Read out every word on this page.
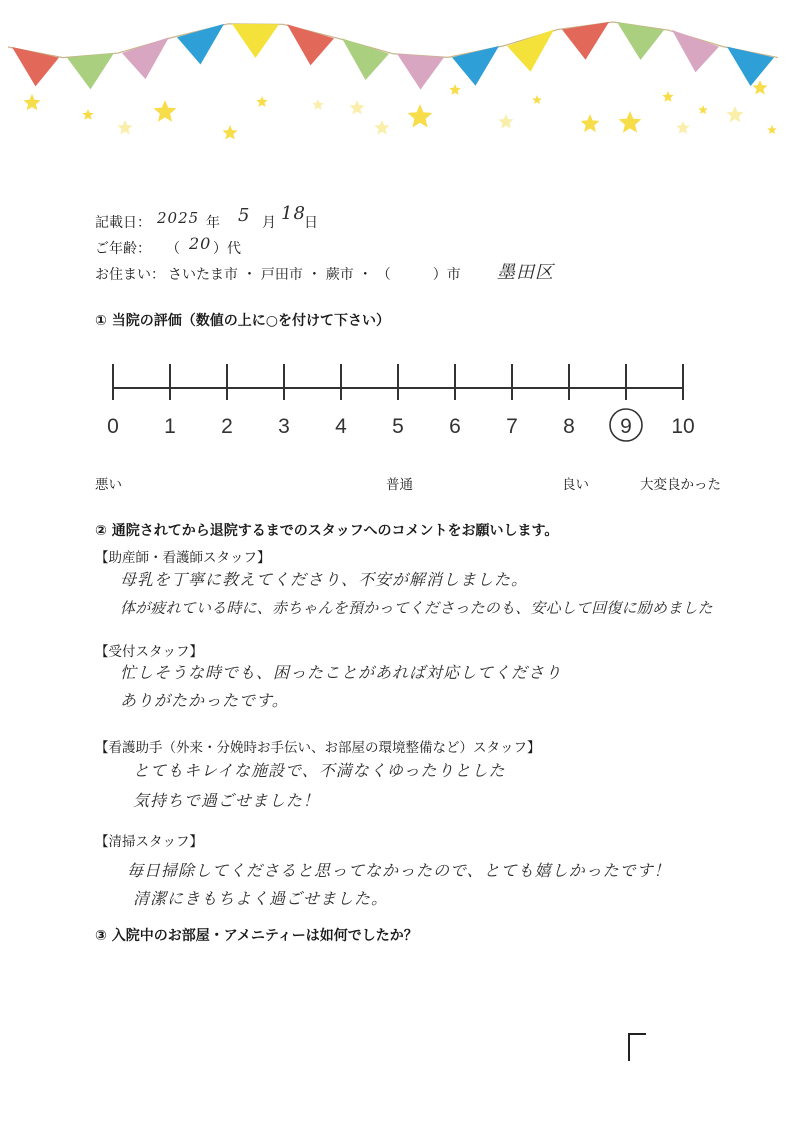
記載日： 2025 年 5 月 18
日
ご年齢： （ 20 ）代
お住まい： さいたま市 ・ 戸田市 ・ 蕨市 ・ （　　　）市 墨田区
① 当院の評価（数値の上に○を付けて下さい）
0 1 2 3 4 5 6 7 8 9 10
悪い	普通	良い	大変良かった
② 通院されてから退院するまでのスタッフへのコメントをお願いします。
【助産師・看護師スタッフ】
母乳を丁寧に教えてくださり、不安が解消しました。
体が疲れている時に、赤ちゃんを預かってくださったのも、安心して回復に励めました
【受付スタッフ】
忙しそうな時でも、困ったことがあれば対応してくださり
ありがたかったです。
【看護助手（外来・分娩時お手伝い、お部屋の環境整備など）スタッフ】
とてもキレイな施設で、不満なくゆったりとした
気持ちで過ごせました！
【清掃スタッフ】
毎日掃除してくださると思ってなかったので、とても嬉しかったです！
清潔にきもちよく過ごせました。
③ 入院中のお部屋・アメニティーは如何でしたか？
